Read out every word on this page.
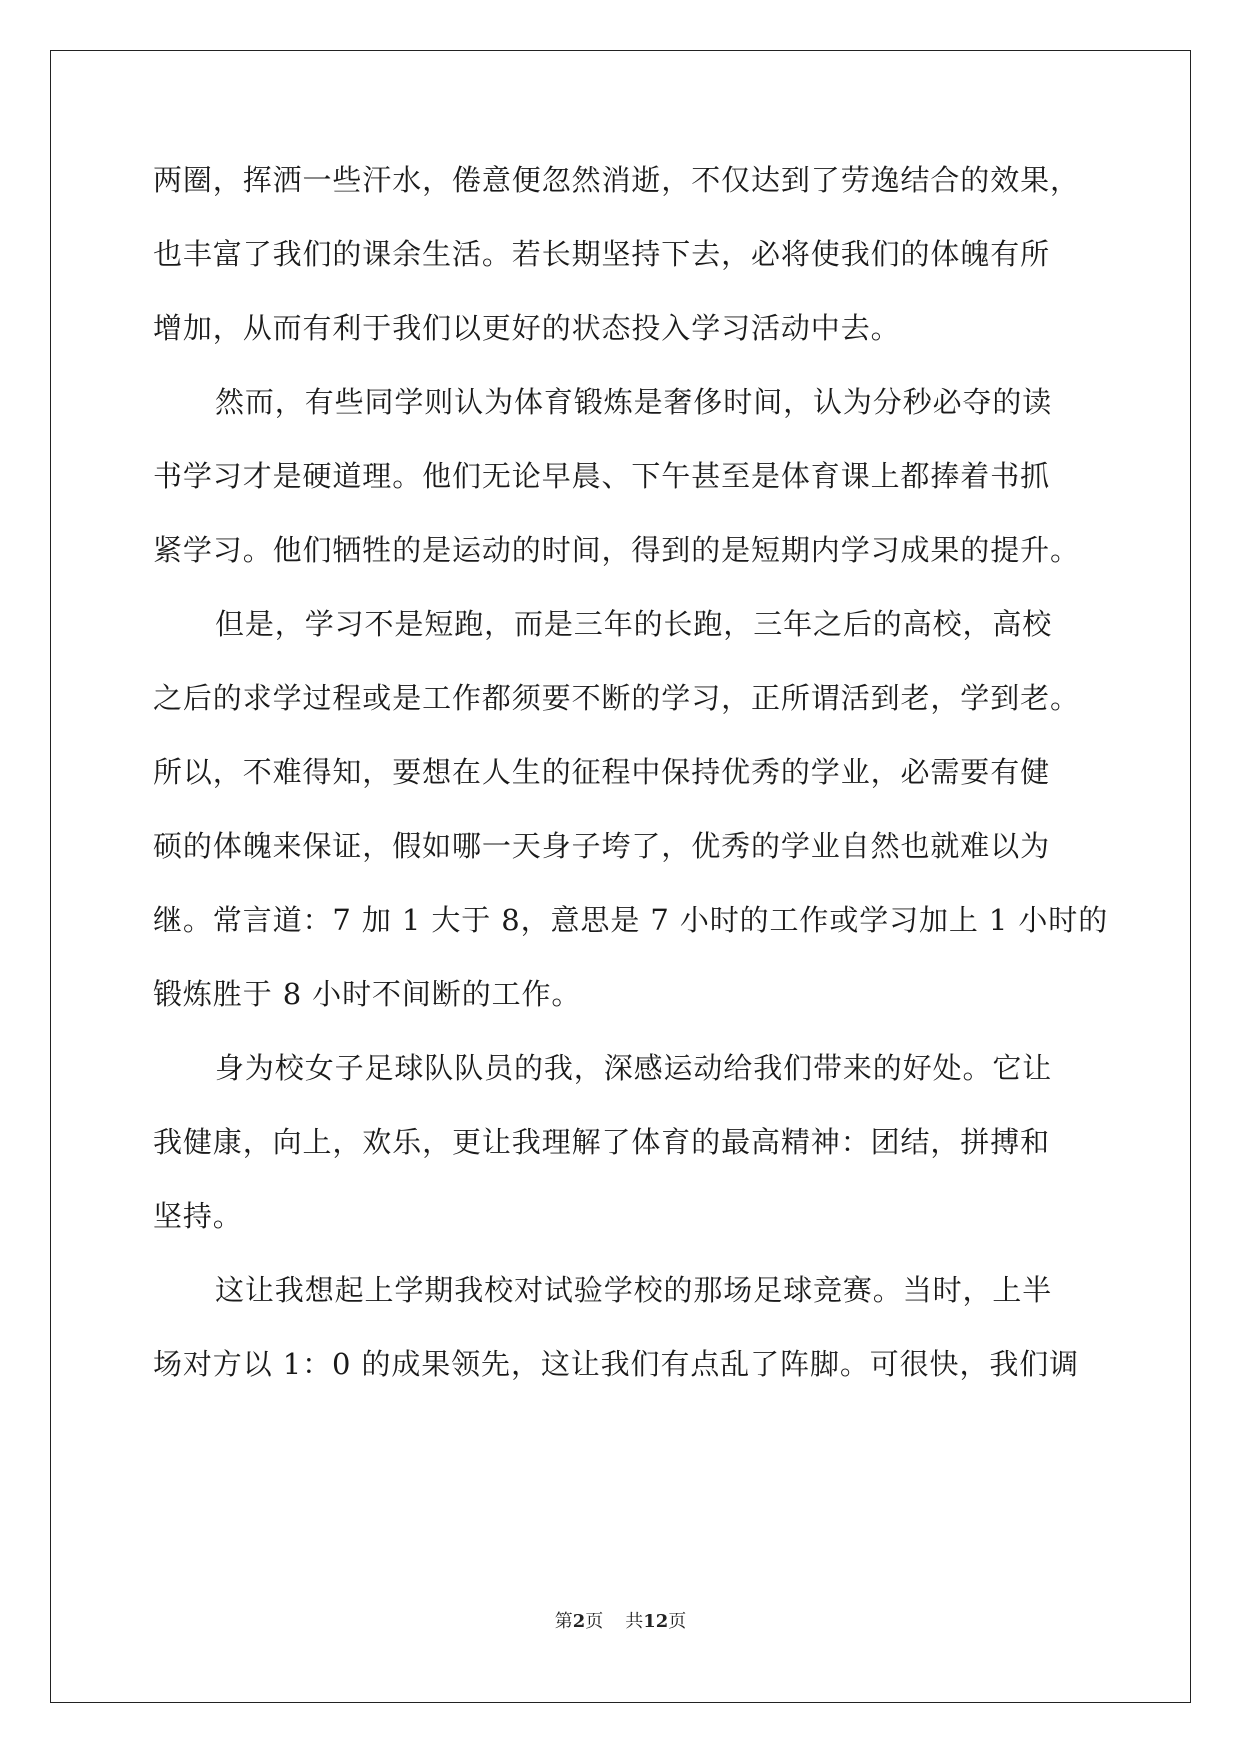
两圈，挥洒一些汗水，倦意便忽然消逝，不仅达到了劳逸结合的效果，
也丰富了我们的课余生活。若长期坚持下去，必将使我们的体魄有所
增加，从而有利于我们以更好的状态投入学习活动中去。
然而，有些同学则认为体育锻炼是奢侈时间，认为分秒必夺的读
书学习才是硬道理。他们无论早晨、下午甚至是体育课上都捧着书抓
紧学习。他们牺牲的是运动的时间，得到的是短期内学习成果的提升。
但是，学习不是短跑，而是三年的长跑，三年之后的高校，高校
之后的求学过程或是工作都须要不断的学习，正所谓活到老，学到老。
所以，不难得知，要想在人生的征程中保持优秀的学业，必需要有健
硕的体魄来保证，假如哪一天身子垮了，优秀的学业自然也就难以为
继。常言道：7 加 1 大于 8，意思是 7 小时的工作或学习加上 1 小时的
锻炼胜于 8 小时不间断的工作。
身为校女子足球队队员的我，深感运动给我们带来的好处。它让
我健康，向上，欢乐，更让我理解了体育的最高精神：团结，拼搏和
坚持。
这让我想起上学期我校对试验学校的那场足球竞赛。当时，上半
场对方以 1：0 的成果领先，这让我们有点乱了阵脚。可很快，我们调
第2页 共12页
